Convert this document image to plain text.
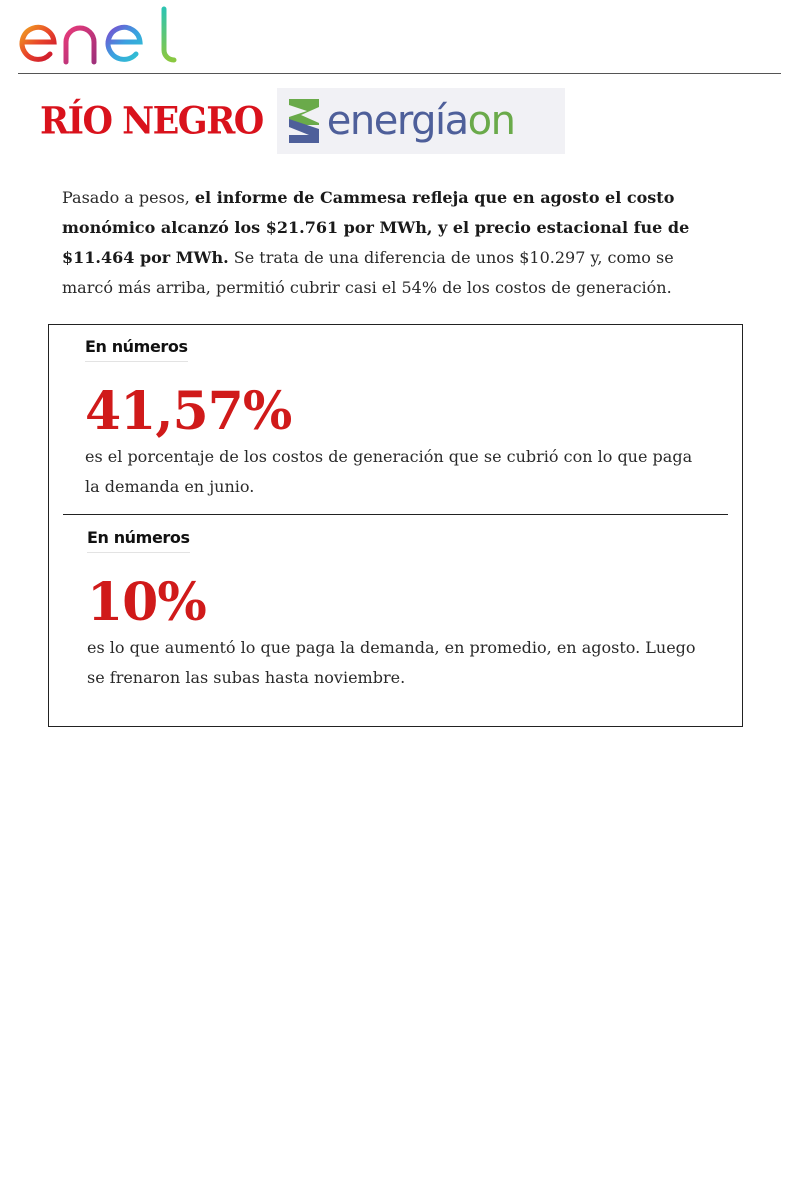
RÍO NEGRO energíaon

Pasado a pesos, el informe de Cammesa refleja que en agosto el costo monómico alcanzó los $21.761 por MWh, y el precio estacional fue de $11.464 por MWh. Se trata de una diferencia de unos $10.297 y, como se marcó más arriba, permitió cubrir casi el 54% de los costos de generación.

En números
41,57%
es el porcentaje de los costos de generación que se cubrió con lo que paga la demanda en junio.
En números
10%
es lo que aumentó lo que paga la demanda, en promedio, en agosto. Luego se frenaron las subas hasta noviembre.
